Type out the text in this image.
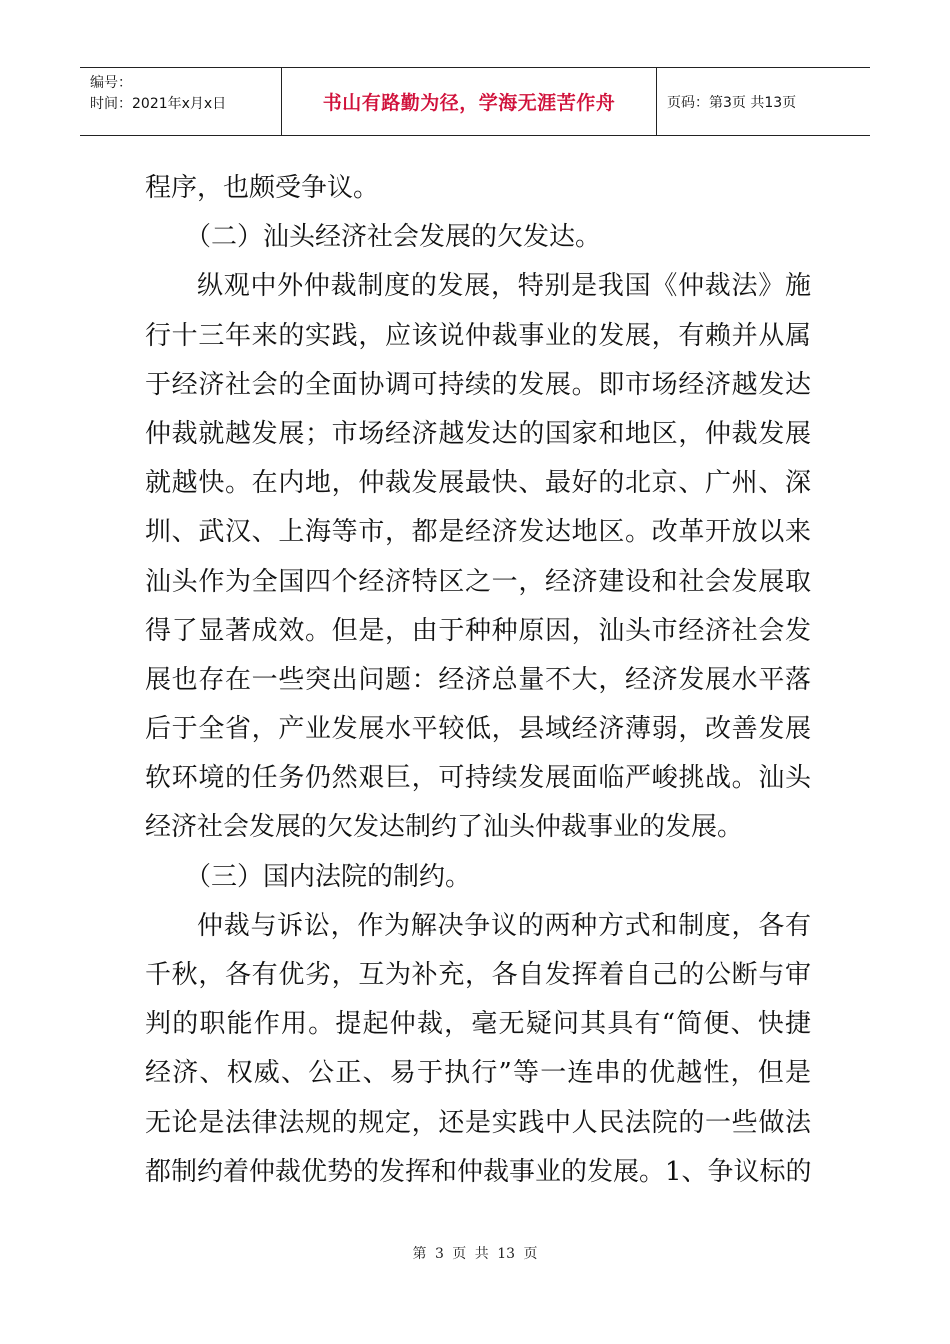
编号：
时间：2021年x月x日	书山有路勤为径，学海无涯苦作舟	页码：第3页 共13页
程序，也颇受争议。
（二）汕头经济社会发展的欠发达。
纵观中外仲裁制度的发展，特别是我国《仲裁法》施
行十三年来的实践，应该说仲裁事业的发展，有赖并从属
于经济社会的全面协调可持续的发展。即市场经济越发达
仲裁就越发展；市场经济越发达的国家和地区，仲裁发展
就越快。在内地，仲裁发展最快、最好的北京、广州、深
圳、武汉、上海等市，都是经济发达地区。改革开放以来
汕头作为全国四个经济特区之一，经济建设和社会发展取
得了显著成效。但是，由于种种原因，汕头市经济社会发
展也存在一些突出问题：经济总量不大，经济发展水平落
后于全省，产业发展水平较低，县域经济薄弱，改善发展
软环境的任务仍然艰巨，可持续发展面临严峻挑战。汕头
经济社会发展的欠发达制约了汕头仲裁事业的发展。
（三）国内法院的制约。
仲裁与诉讼，作为解决争议的两种方式和制度，各有
千秋，各有优劣，互为补充，各自发挥着自己的公断与审
判的职能作用。提起仲裁，毫无疑问其具有“简便、快捷
经济、权威、公正、易于执行”等一连串的优越性，但是
无论是法律法规的规定，还是实践中人民法院的一些做法
都制约着仲裁优势的发挥和仲裁事业的发展。1、争议标的
第 3 页 共 13 页
